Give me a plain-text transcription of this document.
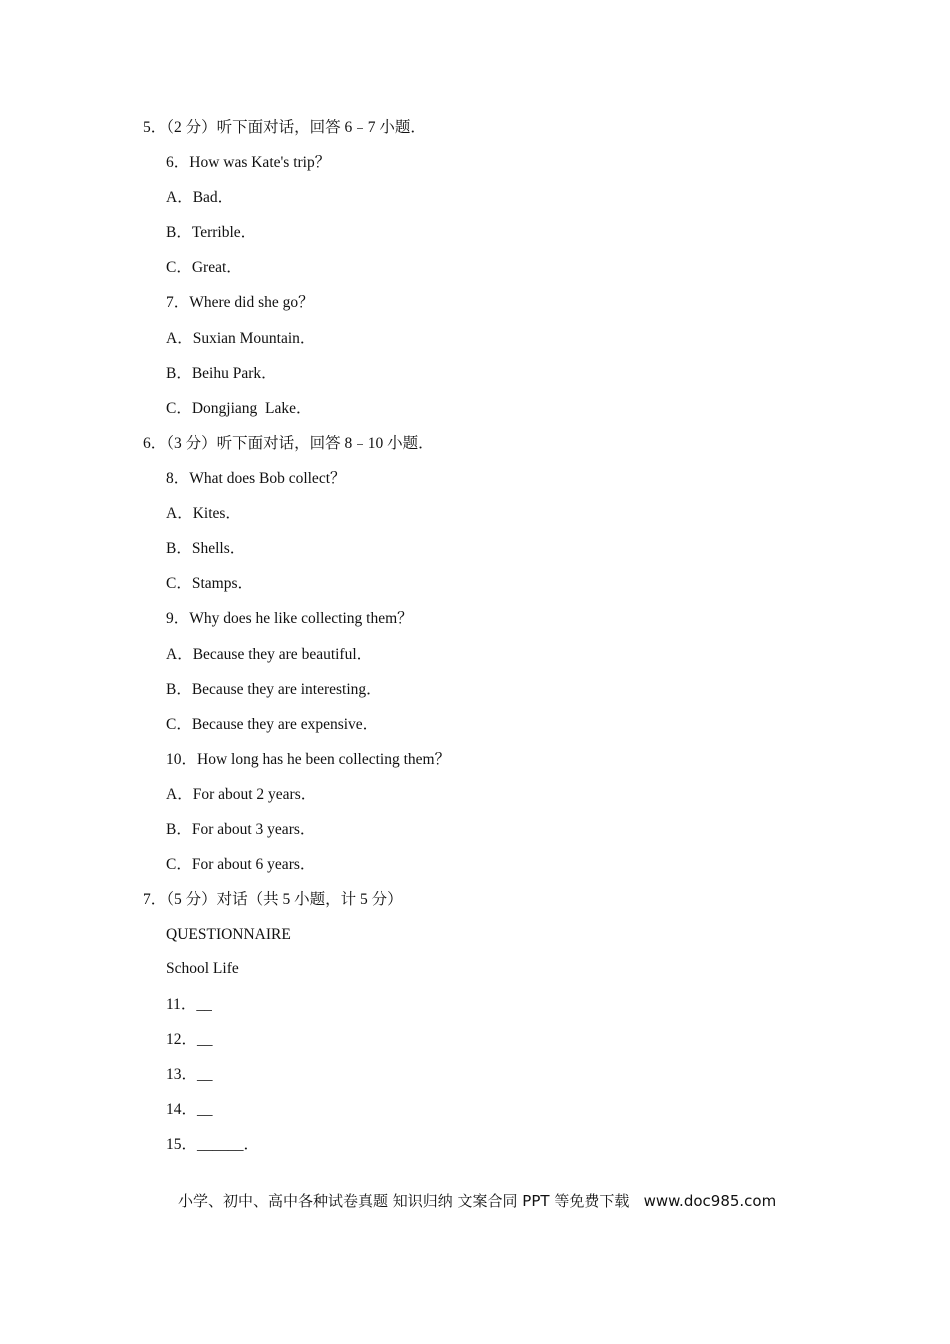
5．（2 分）听下面对话，回答 6﹣7 小题．
6．How was Kate's trip？
A．Bad．
B．Terrible．
C．Great．
7．Where did she go？
A．Suxian Mountain．
B．Beihu Park．
C．Dongjiang  Lake．
6．（3 分）听下面对话，回答 8﹣10 小题．
8．What does Bob collect？
A．Kites．
B．Shells．
C．Stamps．
9．Why does he like collecting them？
A．Because they are beautiful．
B．Because they are interesting．
C．Because they are expensive．
10．How long has he been collecting them？
A．For about 2 years．
B．For about 3 years．
C．For about 6 years．
7．（5 分）对话（共 5 小题，计 5 分）
QUESTIONNAIRE
School Life
11．__
12．__
13．__
14．__
15．______．
小学、初中、高中各种试卷真题 知识归纳 文案合同 PPT 等免费下载   www.doc985.com
